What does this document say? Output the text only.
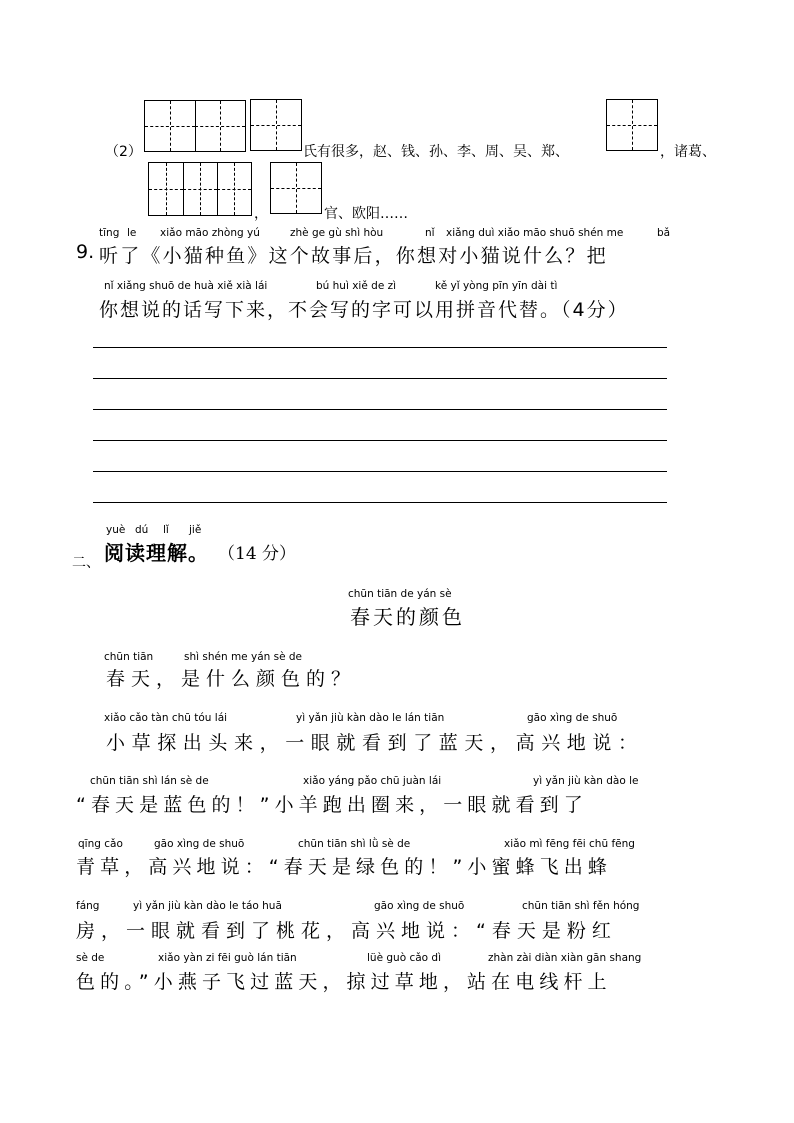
（2）	氏有很多，赵、钱、孙、李、周、吴、郑、	，诸葛、
，	官、欧阳……
tīng le xiǎo māo zhòng yú	zhè ge gù shì hòu	nǐ xiǎng duì xiǎo māo shuō shén me	bǎ
9. 听了《小猫种鱼》这个故事后，你想对小猫说什么？把
nǐ xiǎng shuō de huà xiě xià lái	bú huì xiě de zì	kě yǐ yòng pīn yīn dài tì
你想说的话写下来，不会写的字可以用拼音代替。（4分）
yuè dú lǐ jiě
二、 阅读理解。 （14 分）
chūn tiān de yán sè
春天的颜色
chūn tiān	shì shén me yán sè de
春天，是什么颜色的？
xiǎo cǎo tàn chū tóu lái	yì yǎn jiù kàn dào le lán tiān	gāo xìng de shuō
小草探出头来，一眼就看到了蓝天，高兴地说：
chūn tiān shì lán sè de	xiǎo yáng pǎo chū juàn lái	yì yǎn jiù kàn dào le
“春天是蓝色的！”小羊跑出圈来，一眼就看到了
qīng cǎo	gāo xìng de shuō	chūn tiān shì lǜ sè de	xiǎo mì fēng fēi chū fēng
青草，高兴地说：“春天是绿色的！”小蜜蜂飞出蜂
fáng	yì yǎn jiù kàn dào le táo huā	gāo xìng de shuō	chūn tiān shì fěn hóng
房，一眼就看到了桃花，高兴地说：“春天是粉红
sè de	xiǎo yàn zi fēi guò lán tiān	lüè guò cǎo dì	zhàn zài diàn xiàn gān shang
色的。”小燕子飞过蓝天，掠过草地，站在电线杆上
